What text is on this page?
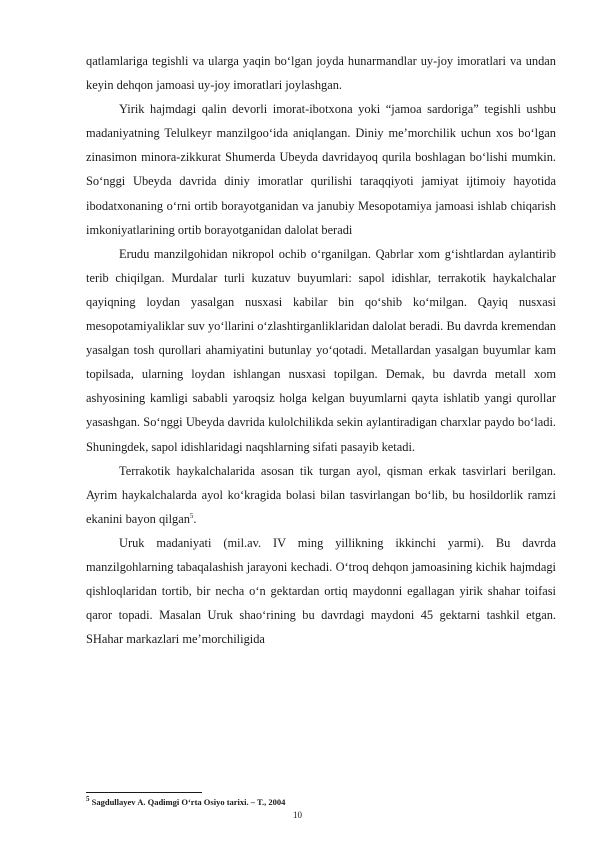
qatlamlariga tegishli va ularga yaqin bo‘lgan joyda hunarmandlar uy-joy imoratlari va undan keyin dehqon jamoasi uy-joy imoratlari joylashgan.

Yirik hajmdagi qalin devorli imorat-ibotxona yoki “jamoa sardoriga” tegishli ushbu madaniyatning Telulkeyr manzilgoo‘ida aniqlangan. Diniy me’morchilik uchun xos bo‘lgan zinasimon minora-zikkurat Shumerda Ubeyda davridayoq qurila boshlagan bo‘lishi mumkin. So‘nggi Ubeyda davrida diniy imoratlar qurilishi taraqqiyoti jamiyat ijtimoiy hayotida ibodatxonaning o‘rni ortib borayotganidan va janubiy Mesopotamiya jamoasi ishlab chiqarish imkoniyatlarining ortib borayotganidan dalolat beradi

Erudu manzilgohidan nikropol ochib o‘rganilgan. Qabrlar xom g‘ishtlardan aylantirib terib chiqilgan. Murdalar turli kuzatuv buyumlari: sapol idishlar, terrakotik haykalchalar qayiqning loydan yasalgan nusxasi kabilar bin qo‘shib ko‘milgan. Qayiq nusxasi mesopotamiyaliklar suv yo‘llarini o‘zlashtirganliklaridan dalolat beradi. Bu davrda kremendan yasalgan tosh qurollari ahamiyatini butunlay yo‘qotadi. Metallardan yasalgan buyumlar kam topilsada, ularning loydan ishlangan nusxasi topilgan. Demak, bu davrda metall xom ashyosining kamligi sababli yaroqsiz holga kelgan buyumlarni qayta ishlatib yangi qurollar yasashgan. So‘nggi Ubeyda davrida kulolchilikda sekin aylantiradigan charxlar paydo bo‘ladi. Shuningdek, sapol idishlaridagi naqshlarning sifati pasayib ketadi.

Terrakotik haykalchalarida asosan tik turgan ayol, qisman erkak tasvirlari berilgan. Ayrim haykalchalarda ayol ko‘kragida bolasi bilan tasvirlangan bo‘lib, bu hosildorlik ramzi ekanini bayon qilgan$^5$.

Uruk madaniyati (mil.av. IV ming yillikning ikkinchi yarmi). Bu davrda manzilgohlarning tabaqalashish jarayoni kechadi. O‘troq dehqon jamoasining kichik hajmdagi qishloqlaridan tortib, bir necha o‘n gektardan ortiq maydonni egallagan yirik shahar toifasi qaror topadi. Masalan Uruk shao‘rining bu davrdagi maydoni 45 gektarni tashkil etgan. SHahar markazlari me’morchiligida

$^5$ Sagdullayev A. Qadimgi O‘rta Osiyo tarixi. – T., 2004

10
